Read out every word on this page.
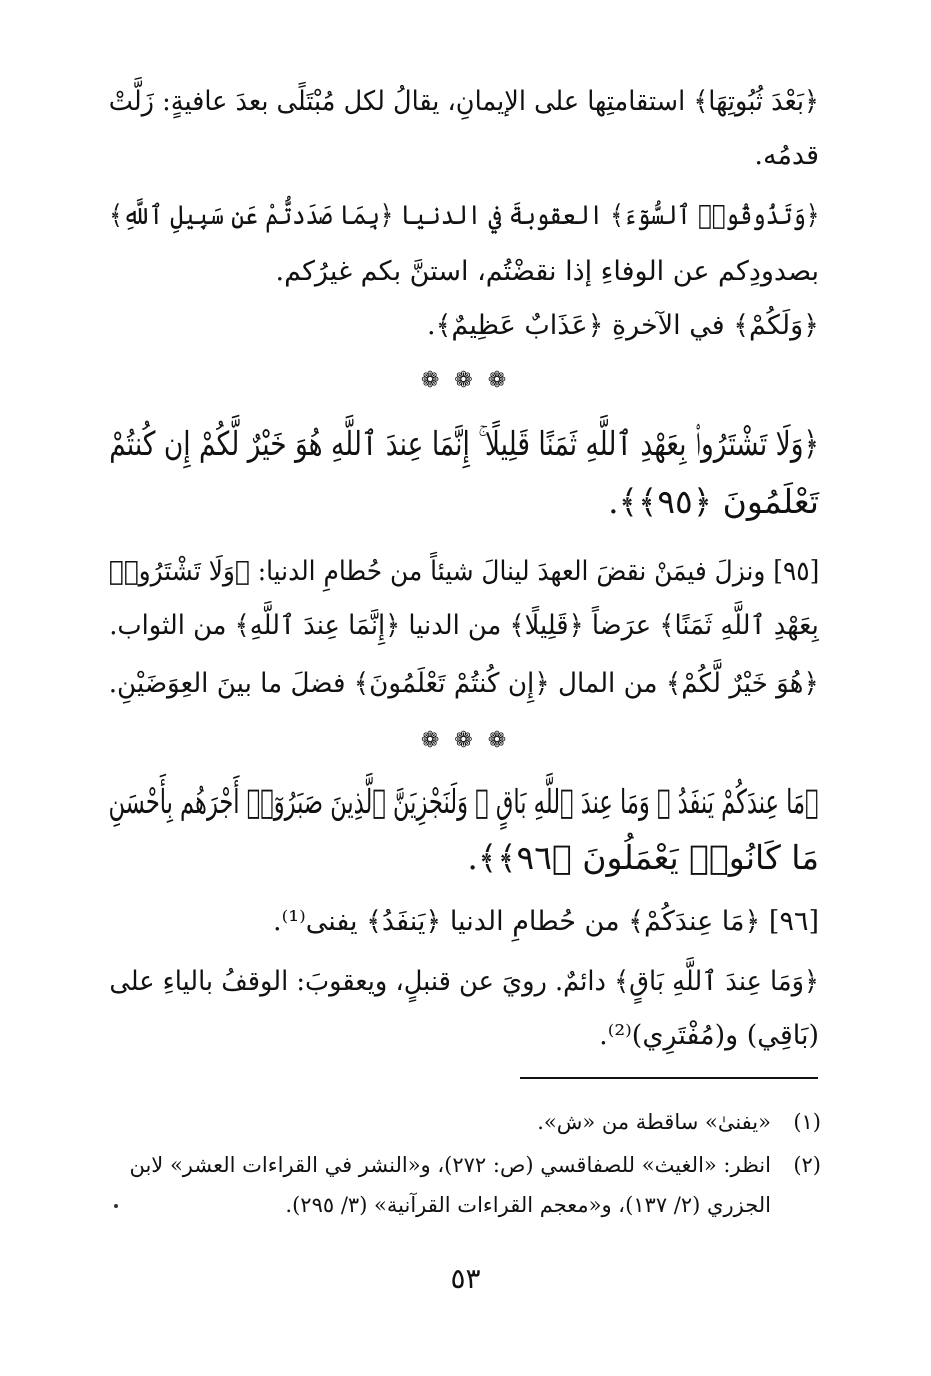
﴿بَعْدَ ثُبُوتِهَا﴾ استقامتِها على الإيمانِ، يقالُ لكل مُبْتَلًى بعدَ عافيةٍ: زَلَّتْ
قدمُه.
﴿وَتَذُوقُوا۟ ٱلسُّوٓءَ﴾ العقوبةَ في الدنيا ﴿بِمَا صَدَدتُّمْ عَن سَبِيلِ ٱللَّهِ﴾
بصدودِكم عن الوفاءِ إذا نقضْتُم، استنَّ بكم غيرُكم.
﴿وَلَكُمْ﴾ في الآخرةِ ﴿عَذَابٌ عَظِيمٌ﴾.
❁ ❁ ❁
﴿وَلَا تَشْتَرُوا۟ بِعَهْدِ ٱللَّهِ ثَمَنًا قَلِيلًا ۚ إِنَّمَا عِندَ ٱللَّهِ هُوَ خَيْرٌ لَّكُمْ إِن كُنتُمْ
تَعْلَمُونَ ﴿٩٥﴾﴾.
[٩٥] ونزلَ فيمَنْ نقضَ العهدَ لينالَ شيئاً من حُطامِ الدنيا: ﴿وَلَا تَشْتَرُوا۟
بِعَهْدِ ٱللَّهِ ثَمَنًا﴾ عرَضاً ﴿قَلِيلًا﴾ من الدنيا ﴿إِنَّمَا عِندَ ٱللَّهِ﴾ من الثواب.
﴿هُوَ خَيْرٌ لَّكُمْ﴾ من المال ﴿إِن كُنتُمْ تَعْلَمُونَ﴾ فضلَ ما بينَ العِوَضَيْنِ.
❁ ❁ ❁
﴿مَا عِندَكُمْ يَنفَدُ ۖ وَمَا عِندَ ٱللَّهِ بَاقٍ ۗ وَلَنَجْزِيَنَّ ٱلَّذِينَ صَبَرُوٓا۟ أَجْرَهُم بِأَحْسَنِ
مَا كَانُوا۟ يَعْمَلُونَ ﴿٩٦﴾﴾.
[٩٦] ﴿مَا عِندَكُمْ﴾ من حُطامِ الدنيا ﴿يَنفَدُ﴾ يفنى⁽¹⁾.
﴿وَمَا عِندَ ٱللَّهِ بَاقٍ﴾ دائمٌ. رويَ عن قنبلٍ، ويعقوبَ: الوقفُ بالياءِ على
(بَاقِي) و(مُفْتَرِي)⁽²⁾.
(١)
«يفنىٰ» ساقطة من «ش».
(٢)
انظر: «الغيث» للصفاقسي (ص: ٢٧٢)، و«النشر في القراءات العشر» لابن
الجزري (٢/ ١٣٧)، و«معجم القراءات القرآنية» (٣/ ٢٩٥).
٥٣
